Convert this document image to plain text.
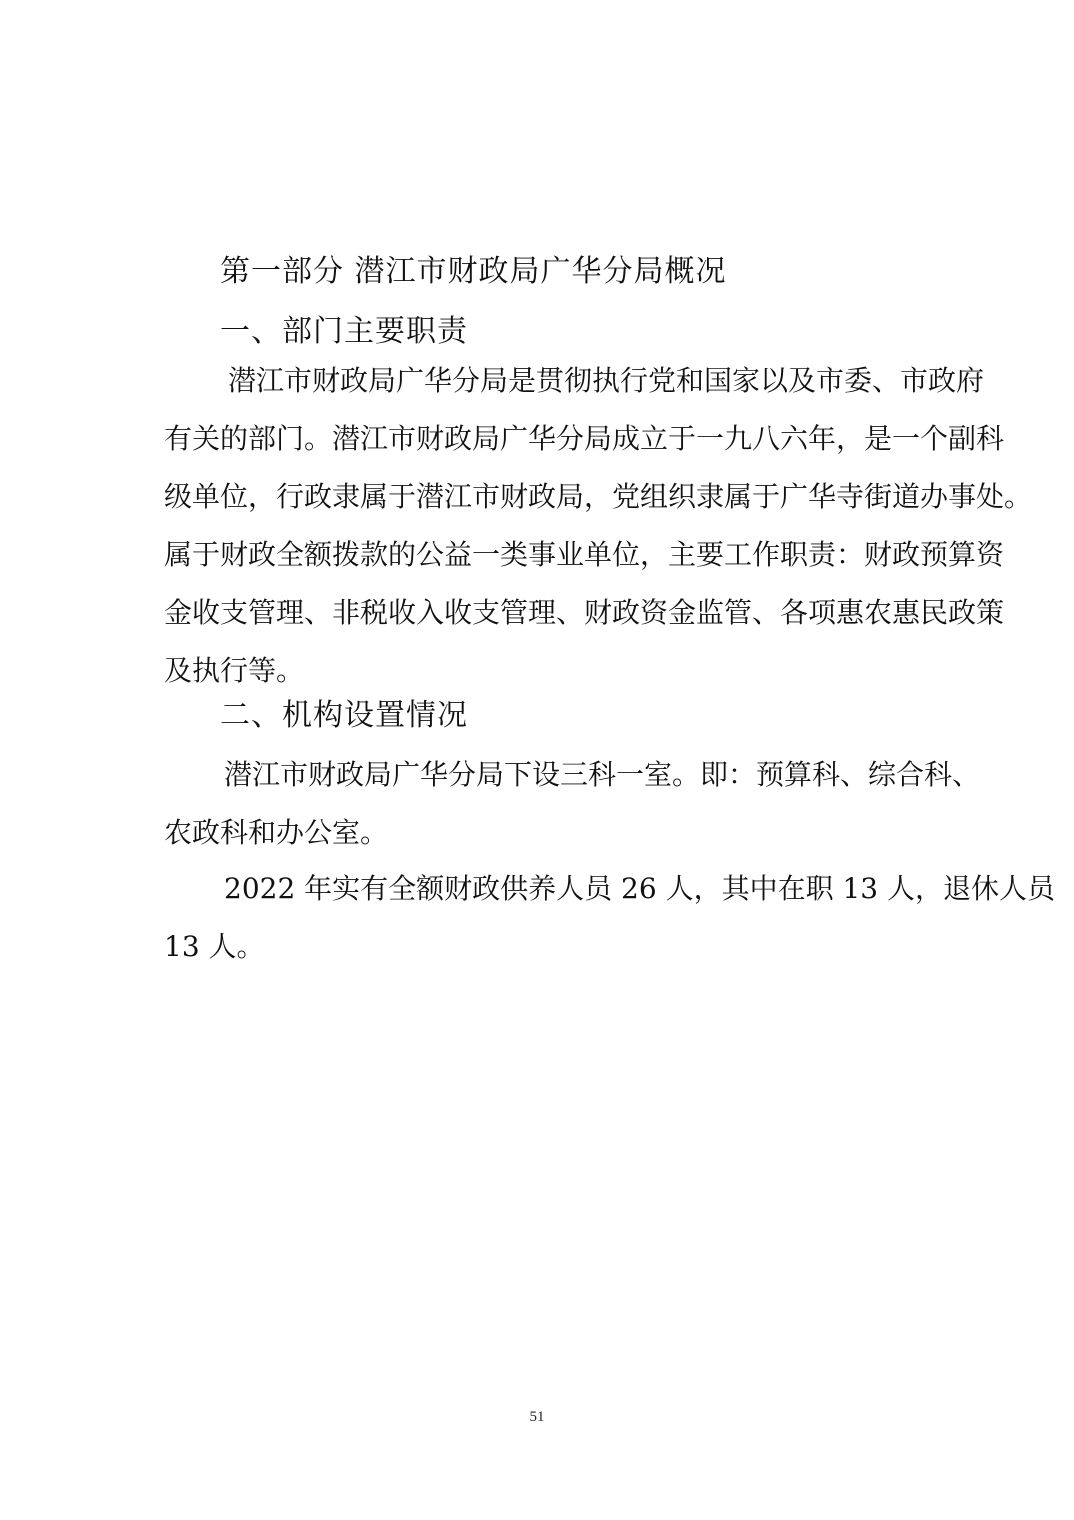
第一部分 潜江市财政局广华分局概况
一、部门主要职责
潜江市财政局广华分局是贯彻执行党和国家以及市委、市政府
有关的部门。潜江市财政局广华分局成立于一九八六年，是一个副科
级单位，行政隶属于潜江市财政局，党组织隶属于广华寺街道办事处。
属于财政全额拨款的公益一类事业单位，主要工作职责：财政预算资
金收支管理、非税收入收支管理、财政资金监管、各项惠农惠民政策
及执行等。
二、机构设置情况
潜江市财政局广华分局下设三科一室。即：预算科、综合科、
农政科和办公室。
2022 年实有全额财政供养人员 26 人，其中在职 13 人，退休人员
13 人。
51
